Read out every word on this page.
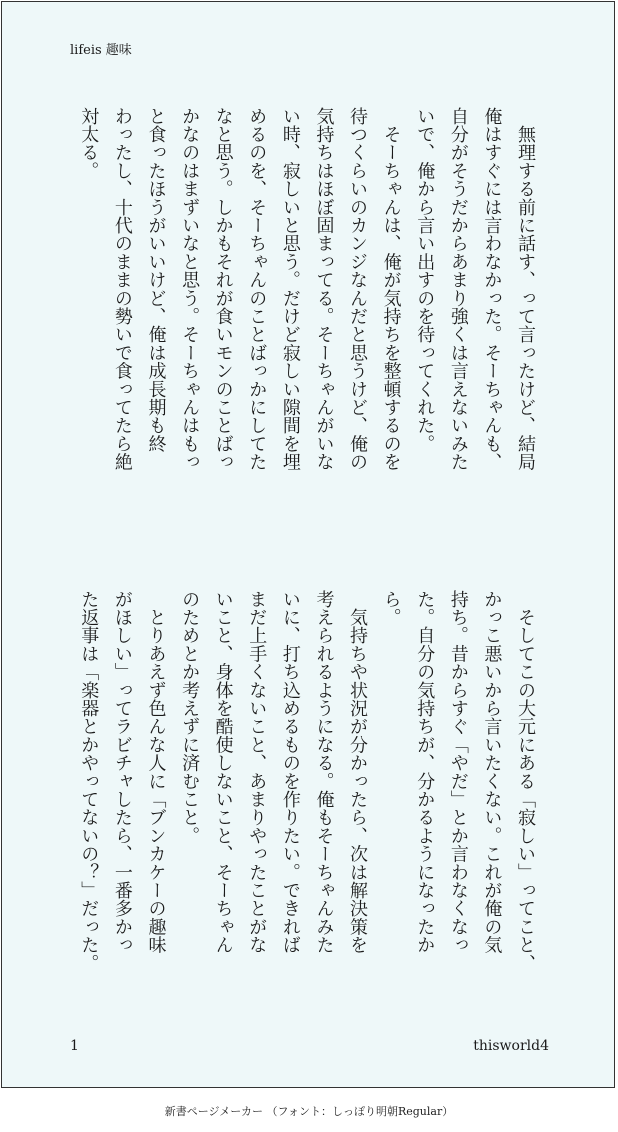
lifeis 趣味

　無理する前に話す、って言ったけど、結局

俺はすぐには言わなかった。そーちゃんも、

自分がそうだからあまり強くは言えないみた

いで、俺から言い出すのを待ってくれた。

　そーちゃんは、俺が気持ちを整頓するのを

待つくらいのカンジなんだと思うけど、俺の

気持ちはほぼ固まってる。そーちゃんがいな

い時、寂しいと思う。だけど寂しい隙間を埋

めるのを、そーちゃんのことばっかにしてた

なと思う。しかもそれが食いモンのことばっ

かなのはまずいなと思う。そーちゃんはもっ

と食ったほうがいいけど、俺は成長期も終

わったし、十代のままの勢いで食ってたら絶

対太る。

　そしてこの大元にある「寂しい」ってこと、

かっこ悪いから言いたくない。これが俺の気

持ち。昔からすぐ「やだ」とか言わなくなっ

た。自分の気持ちが、分かるようになったか

ら。

　気持ちや状況が分かったら、次は解決策を

考えられるようになる。俺もそーちゃんみた

いに、打ち込めるものを作りたい。できれば

まだ上手くないこと、あまりやったことがな

いこと、身体を酷使しないこと、そーちゃん

のためとか考えずに済むこと。

　とりあえず色んな人に「ブンカケーの趣味

がほしい」ってラビチャしたら、一番多かっ

た返事は「楽器とかやってないの？」だった。

1	thisworld4
新書ページメーカー （フォント：しっぽり明朝Regular）
